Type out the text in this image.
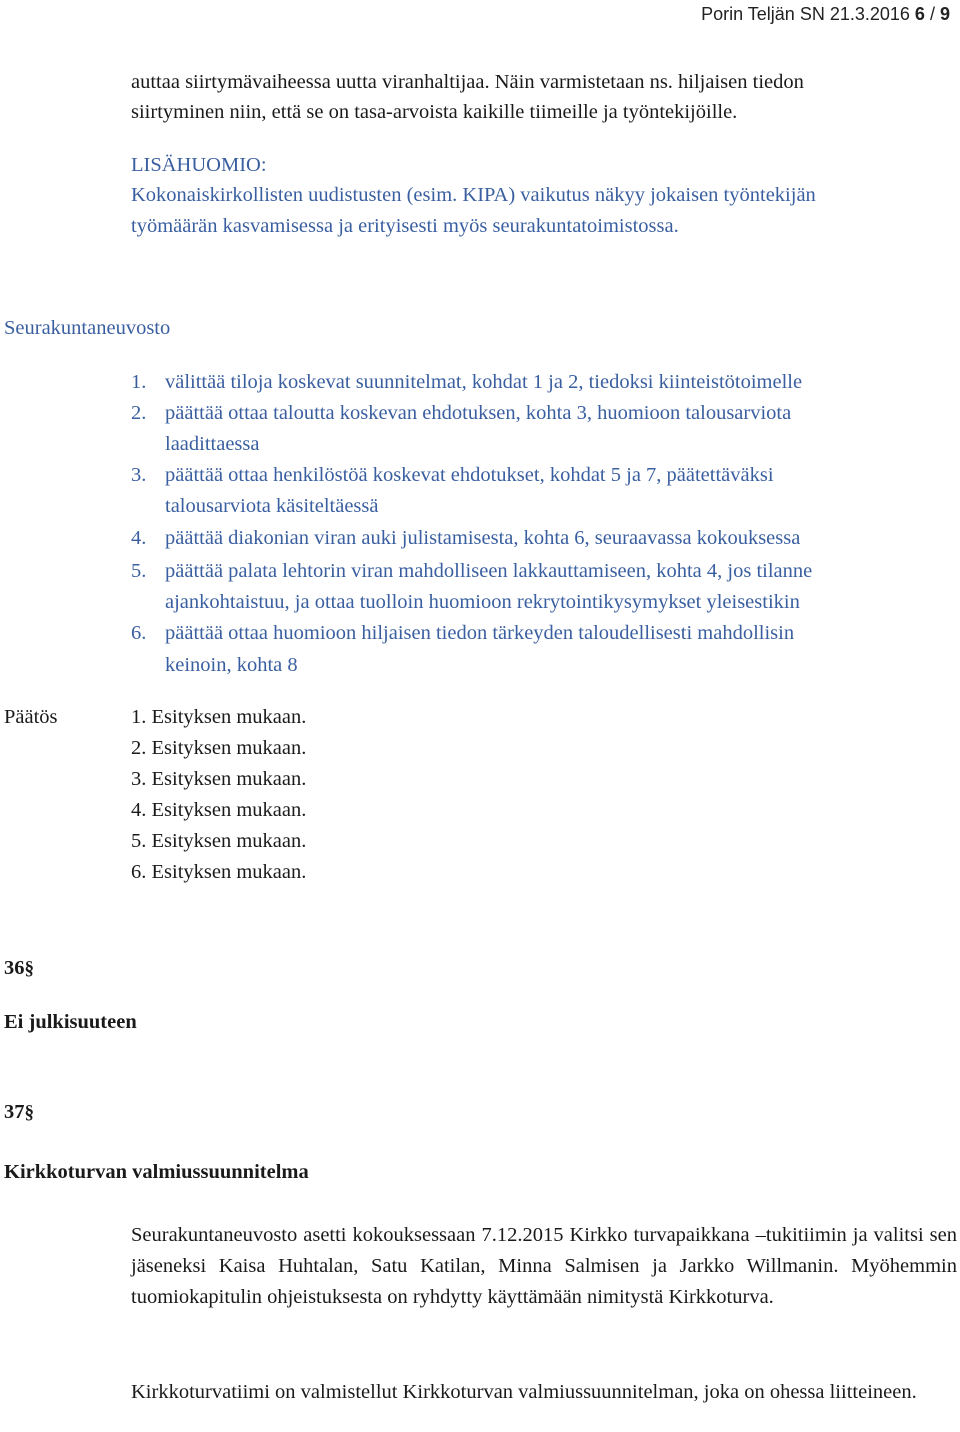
Porin Teljän SN 21.3.2016 6 / 9
auttaa siirtymävaiheessa uutta viranhaltijaa. Näin varmistetaan ns. hiljaisen tiedon
siirtyminen niin, että se on tasa-arvoista kaikille tiimeille ja työntekijöille.
LISÄHUOMIO:
Kokonaiskirkollisten uudistusten (esim. KIPA) vaikutus näkyy jokaisen työntekijän
työmäärän kasvamisessa ja erityisesti myös seurakuntatoimistossa.
Seurakuntaneuvosto
1. välittää tiloja koskevat suunnitelmat, kohdat 1 ja 2, tiedoksi kiinteistötoimelle
2. päättää ottaa taloutta koskevan ehdotuksen, kohta 3, huomioon talousarviota
laadittaessa
3. päättää ottaa henkilöstöä koskevat ehdotukset, kohdat 5 ja 7, päätettäväksi
talousarviota käsiteltäessä
4. päättää diakonian viran auki julistamisesta, kohta 6, seuraavassa kokouksessa
5. päättää palata lehtorin viran mahdolliseen lakkauttamiseen, kohta 4, jos tilanne
ajankohtaistuu, ja ottaa tuolloin huomioon rekrytointikysymykset yleisestikin
6. päättää ottaa huomioon hiljaisen tiedon tärkeyden taloudellisesti mahdollisin
keinoin, kohta 8
Päätös	1. Esityksen mukaan.
2. Esityksen mukaan.
3. Esityksen mukaan.
4. Esityksen mukaan.
5. Esityksen mukaan.
6. Esityksen mukaan.
36§
Ei julkisuuteen
37§
Kirkkoturvan valmiussuunnitelma
Seurakuntaneuvosto asetti kokouksessaan 7.12.2015 Kirkko turvapaikkana –tukitiimin ja valitsi sen jäseneksi Kaisa Huhtalan, Satu Katilan, Minna Salmisen ja Jarkko Willmanin. Myöhemmin tuomiokapitulin ohjeistuksesta on ryhdytty käyttämään nimitystä Kirkkoturva.
Kirkkoturvatiimi on valmistellut Kirkkoturvan valmiussuunnitelman, joka on ohessa liitteineen.
